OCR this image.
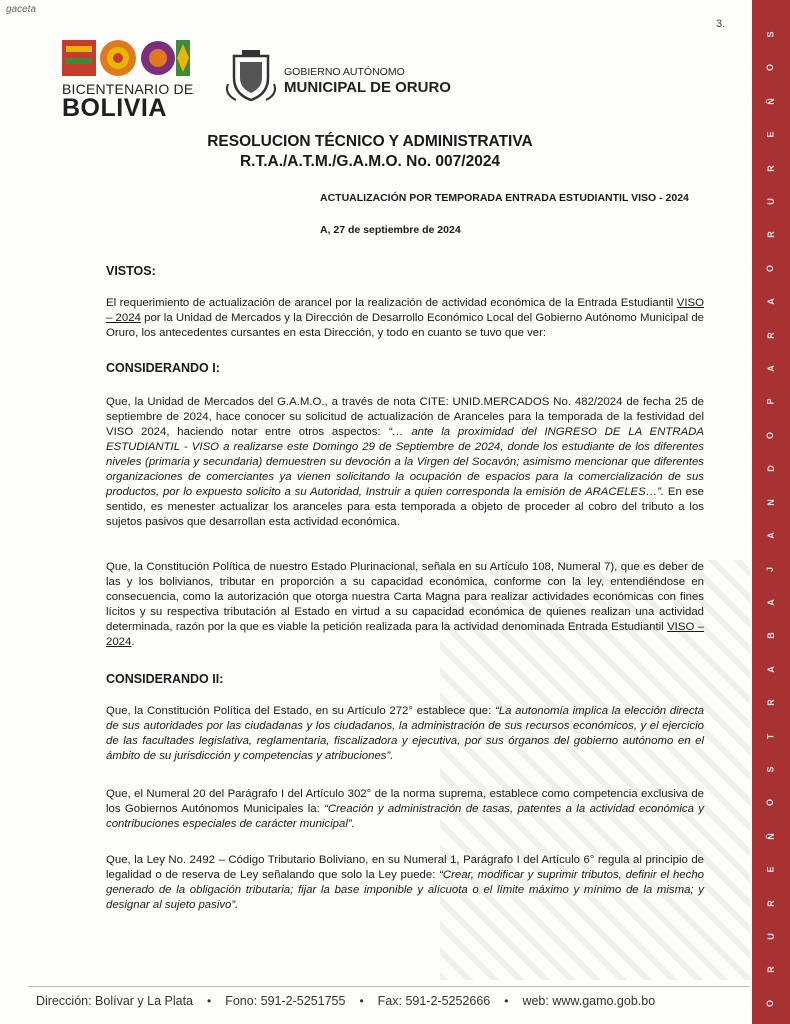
gaceta
3.
S
O
Ñ
E
R
U
R
O
A
R
A
P
O
D
N
A
J
A
B
A
R
T
S
O
Ñ
E
R
U
R
O
BICENTENARIO DE
BOLIVIA
GOBIERNO AUTÓNOMO
MUNICIPAL DE ORURO
RESOLUCION TÉCNICO Y ADMINISTRATIVA
R.T.A./A.T.M./G.A.M.O. No. 007/2024
ACTUALIZACIÓN POR TEMPORADA ENTRADA ESTUDIANTIL VISO - 2024
A, 27 de septiembre de 2024
VISTOS:
El requerimiento de actualización de arancel por la realización de actividad económica de la Entrada Estudiantil VISO – 2024 por la Unidad de Mercados y la Dirección de Desarrollo Económico Local del Gobierno Autónomo Municipal de Oruro, los antecedentes cursantes en esta Dirección, y todo en cuanto se tuvo que ver:
CONSIDERANDO I:
Que, la Unidad de Mercados del G.A.M.O., a través de nota CITE: UNID.MERCADOS No. 482/2024 de fecha 25 de septiembre de 2024, hace conocer su solicitud de actualización de Aranceles para la temporada de la festividad del VISO 2024, haciendo notar entre otros aspectos: “… ante la proximidad del INGRESO DE LA ENTRADA ESTUDIANTIL - VISO a realizarse este Domingo 29 de Septiembre de 2024, donde los estudiante de los diferentes niveles (primaria y secundaria) demuestren su devoción a la Virgen del Socavón; asimismo mencionar que diferentes organizaciones de comerciantes ya vienen solicitando la ocupación de espacios para la comercialización de sus productos, por lo expuesto solicito a su Autoridad, Instruir a quien corresponda la emisión de ARACELES…”. En ese sentido, es menester actualizar los aranceles para esta temporada a objeto de proceder al cobro del tributo a los sujetos pasivos que desarrollan esta actividad económica.
Que, la Constitución Política de nuestro Estado Plurinacional, señala en su Artículo 108, Numeral 7), que es deber de las y los bolivianos, tributar en proporción a su capacidad económica, conforme con la ley, entendiéndose en consecuencia, como la autorización que otorga nuestra Carta Magna para realizar actividades económicas con fines lícitos y su respectiva tributación al Estado en virtud a su capacidad económica de quienes realizan una actividad determinada, razón por la que es viable la petición realizada para la actividad denominada Entrada Estudiantil VISO – 2024.
CONSIDERANDO II:
Que, la Constitución Política del Estado, en su Artículo 272° establece que: “La autonomía implica la elección directa de sus autoridades por las ciudadanas y los ciudadanos, la administración de sus recursos económicos, y el ejercicio de las facultades legislativa, reglamentaria, fiscalizadora y ejecutiva, por sus órganos del gobierno autónomo en el ámbito de su jurisdicción y competencias y atribuciones”.
Que, el Numeral 20 del Parágrafo I del Artículo 302° de la norma suprema, establece como competencia exclusiva de los Gobiernos Autónomos Municipales la: “Creación y administración de tasas, patentes a la actividad económica y contribuciones especiales de carácter municipal”.
Que, la Ley No. 2492 – Código Tributario Boliviano, en su Numeral 1, Parágrafo I del Artículo 6° regula al principio de legalidad o de reserva de Ley señalando que solo la Ley puede: “Crear, modificar y suprimir tributos, definir el hecho generado de la obligación tributaria; fijar la base imponible y alícuota o el límite máximo y mínimo de la misma; y designar al sujeto pasivo”.
Dirección: Bolívar y La Plata • Fono: 591-2-5251755 • Fax: 591-2-5252666 • web: www.gamo.gob.bo
